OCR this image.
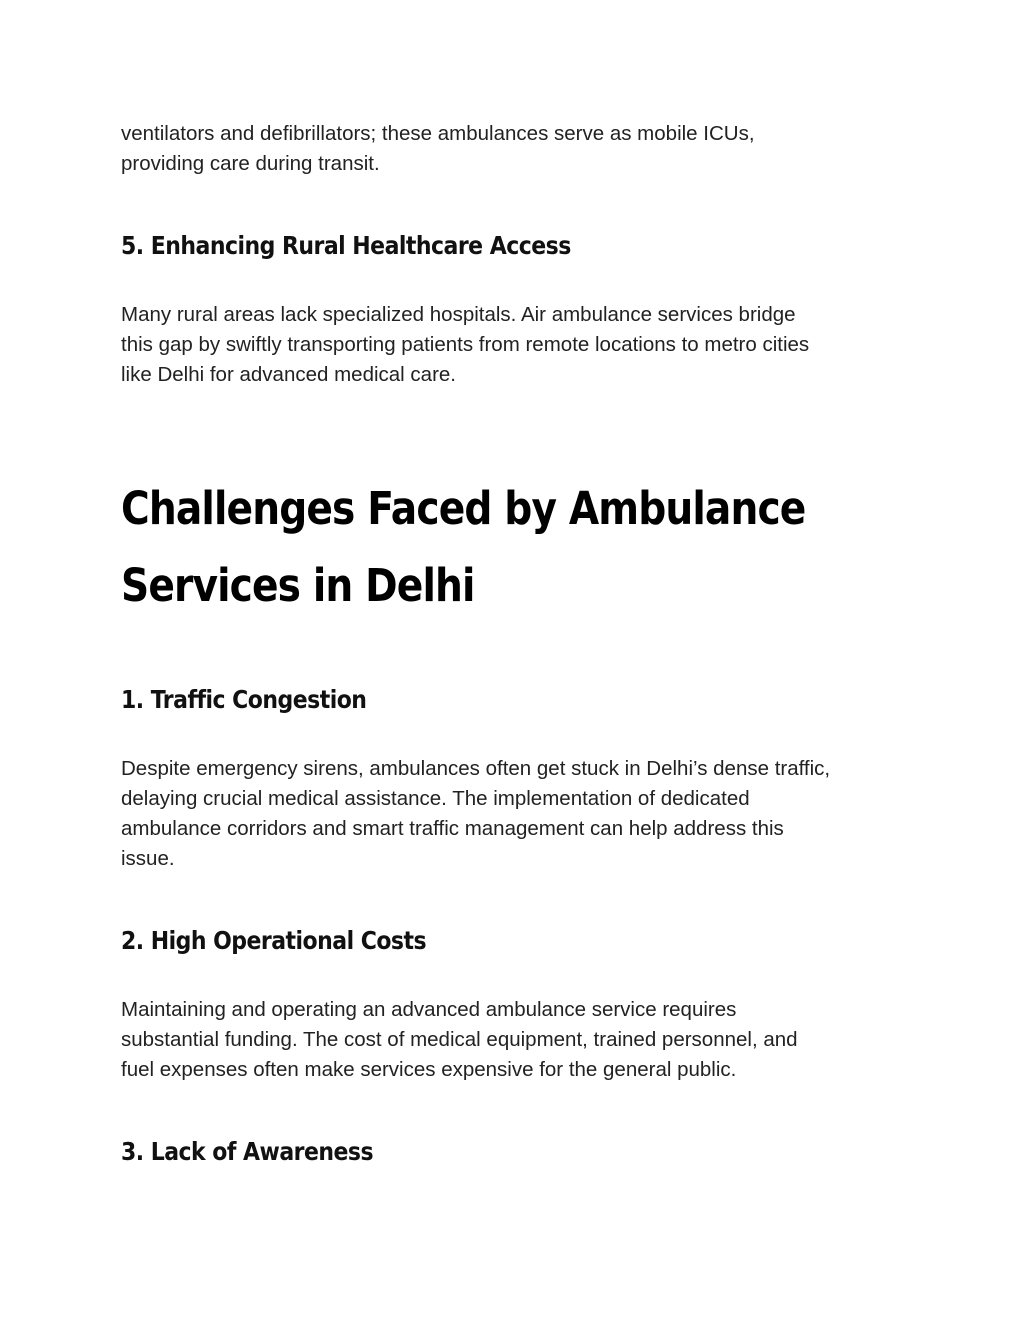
ventilators and defibrillators; these ambulances serve as mobile ICUs,
providing care during transit.

5. Enhancing Rural Healthcare Access

Many rural areas lack specialized hospitals. Air ambulance services bridge
this gap by swiftly transporting patients from remote locations to metro cities
like Delhi for advanced medical care.

Challenges Faced by Ambulance
Services in Delhi
1. Traffic Congestion

Despite emergency sirens, ambulances often get stuck in Delhi’s dense traffic,
delaying crucial medical assistance. The implementation of dedicated
ambulance corridors and smart traffic management can help address this
issue.

2. High Operational Costs

Maintaining and operating an advanced ambulance service requires
substantial funding. The cost of medical equipment, trained personnel, and
fuel expenses often make services expensive for the general public.

3. Lack of Awareness
